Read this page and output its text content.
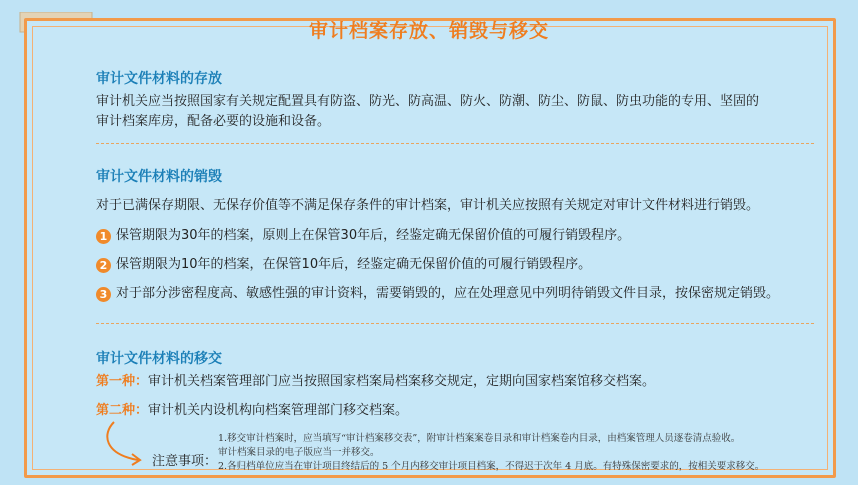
审计档案存放、销毁与移交
审计文件材料的存放
审计机关应当按照国家有关规定配置具有防盗、防光、防高温、防火、防潮、防尘、防鼠、防虫功能的专用、坚固的
审计档案库房，配备必要的设施和设备。
审计文件材料的销毁
对于已满保存期限、无保存价值等不满足保存条件的审计档案，审计机关应按照有关规定对审计文件材料进行销毁。
1 保管期限为30年的档案，原则上在保管30年后，经鉴定确无保留价值的可履行销毁程序。
2 保管期限为10年的档案，在保管10年后，经鉴定确无保留价值的可履行销毁程序。
3 对于部分涉密程度高、敏感性强的审计资料，需要销毁的，应在处理意见中列明待销毁文件目录，按保密规定销毁。
审计文件材料的移交
第一种：审计机关档案管理部门应当按照国家档案局档案移交规定，定期向国家档案馆移交档案。
第二种：审计机关内设机构向档案管理部门移交档案。
注意事项：
1.移交审计档案时，应当填写“审计档案移交表”，附审计档案案卷目录和审计档案卷内目录，由档案管理人员逐卷清点验收。
审计档案目录的电子版应当一并移交。
2.各归档单位应当在审计项目终结后的 5 个月内移交审计项目档案，不得迟于次年 4 月底。有特殊保密要求的，按相关要求移交。
